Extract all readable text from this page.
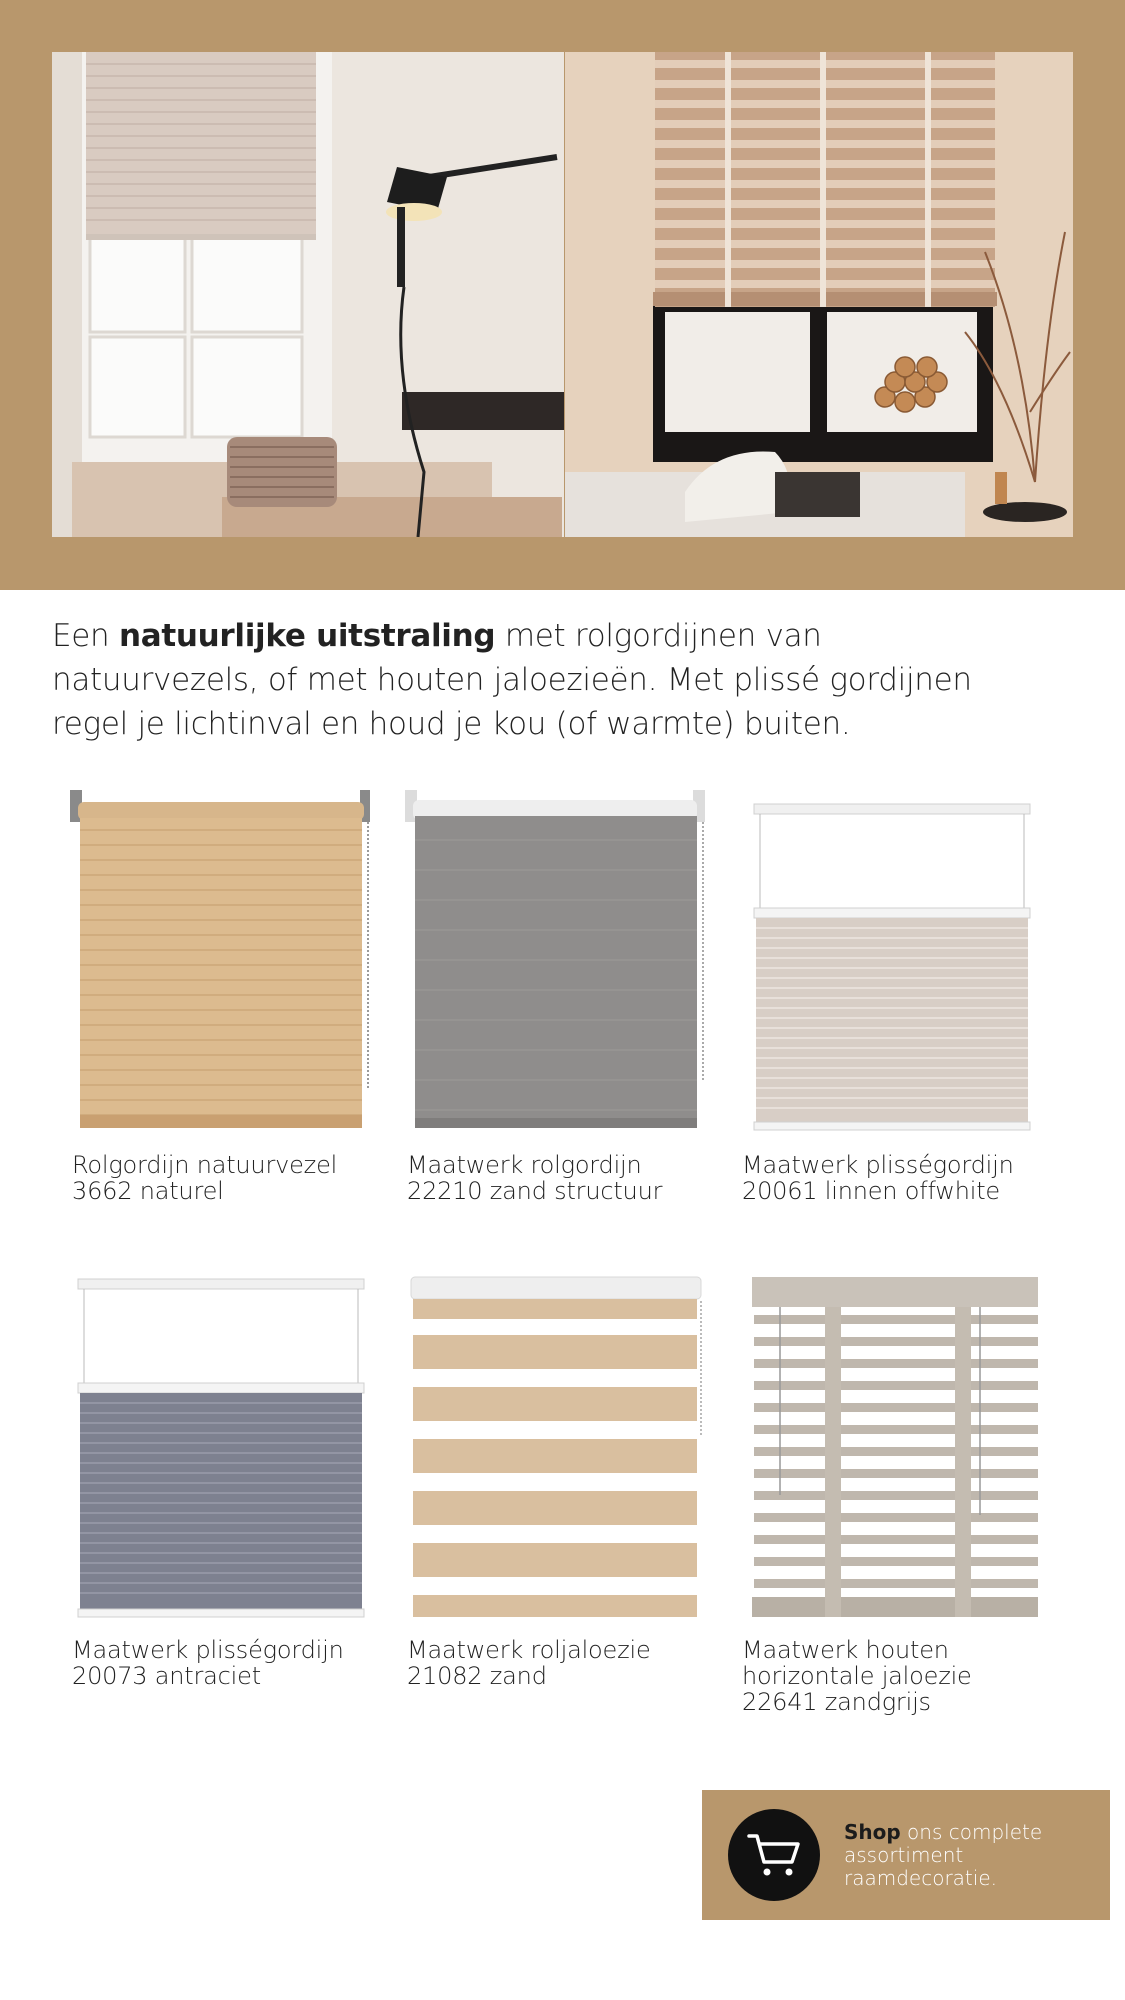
Een natuurlijke uitstraling met rolgordijnen van natuurvezels, of met houten jaloezieën. Met plissé gordijnen regel je lichtinval en houd je kou (of warmte) buiten.
Rolgordijn natuurvezel
3662 naturel
Maatwerk rolgordijn
22210 zand structuur
Maatwerk plisségordijn
20061 linnen offwhite
Maatwerk plisségordijn
20073 antraciet
Maatwerk roljaloezie
21082 zand
Maatwerk houten
horizontale jaloezie
22641 zandgrijs
Shop ons complete assortiment raamdecoratie.
